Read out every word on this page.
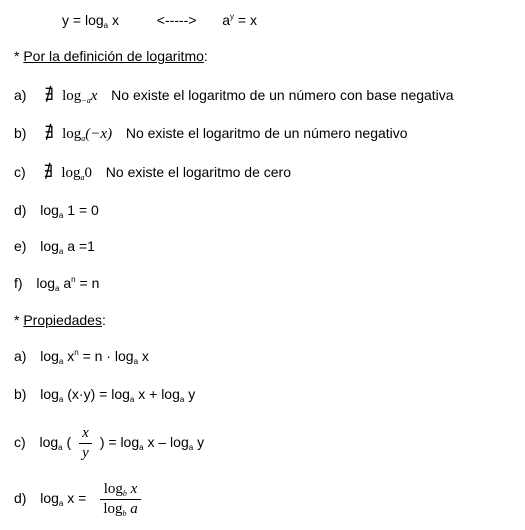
$y = \log_a x$	<-----> $a^y = x$
* Por la definición de logaritmo:
a) ∄ $\log_{-a}x$ No existe el logaritmo de un número con base negativa
b) ∄ $\log_a(-x)$ No existe el logaritmo de un número negativo
c) ∄ $\log_a0$ No existe el logaritmo de cero
d) $\log_a 1 = 0$
e) $\log_a a =1$
f) $\log_a a^n = n$
* Propiedades:
a) $\log_a x^n = n \cdot \log_a x$
b) $\log_a (x\cdot y) = \log_a x + \log_a y$
c) $\log_a$ ( $\frac{x}{y}$ ) = $\log_a x - \log_a y$
d) $\log_a x = \frac{\log_b x}{\log_b a}$
